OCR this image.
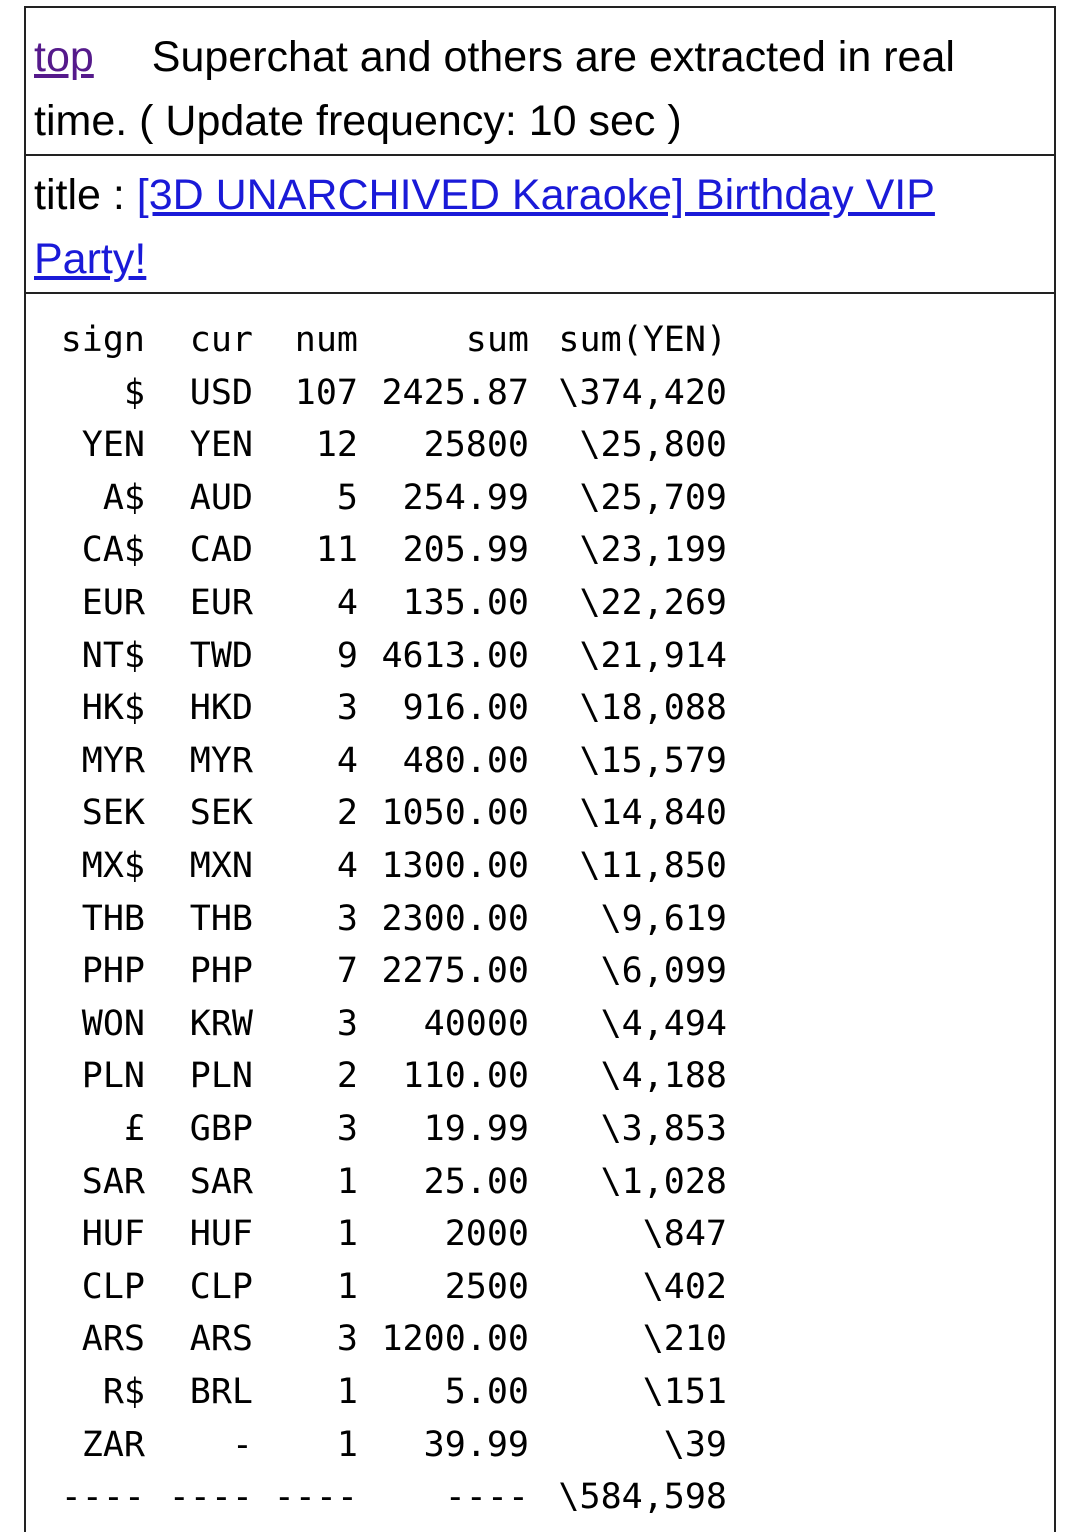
top Superchat and others are extracted in real
time. ( Update frequency: 10 sec )
title : [3D UNARCHIVED Karaoke] Birthday VIP
Party!

sign	cur	num	sum sum(YEN)
$	USD	107 2425.87 \374,420
YEN	YEN	12	25800	\25,800
A$	AUD	5	254.99	\25,709
CA$	CAD	11	205.99	\23,199
EUR	EUR	4	135.00	\22,269
NT$	TWD	9 4613.00	\21,914
HK$	HKD	3	916.00	\18,088
MYR	MYR	4	480.00	\15,579
SEK	SEK	2 1050.00	\14,840
MX$	MXN	4 1300.00	\11,850
THB	THB	3 2300.00	\9,619
PHP	PHP	7 2275.00	\6,099
WON	KRW	3	40000	\4,494
PLN	PLN	2	110.00	\4,188
£	GBP	3	19.99	\3,853
SAR	SAR	1	25.00	\1,028
HUF	HUF	1	2000	\847
CLP	CLP	1	2500	\402
ARS	ARS	3 1200.00	\210
R$	BRL	1	5.00	\151
ZAR	-	1	39.99	\39
---- ---- ----	---- \584,598
